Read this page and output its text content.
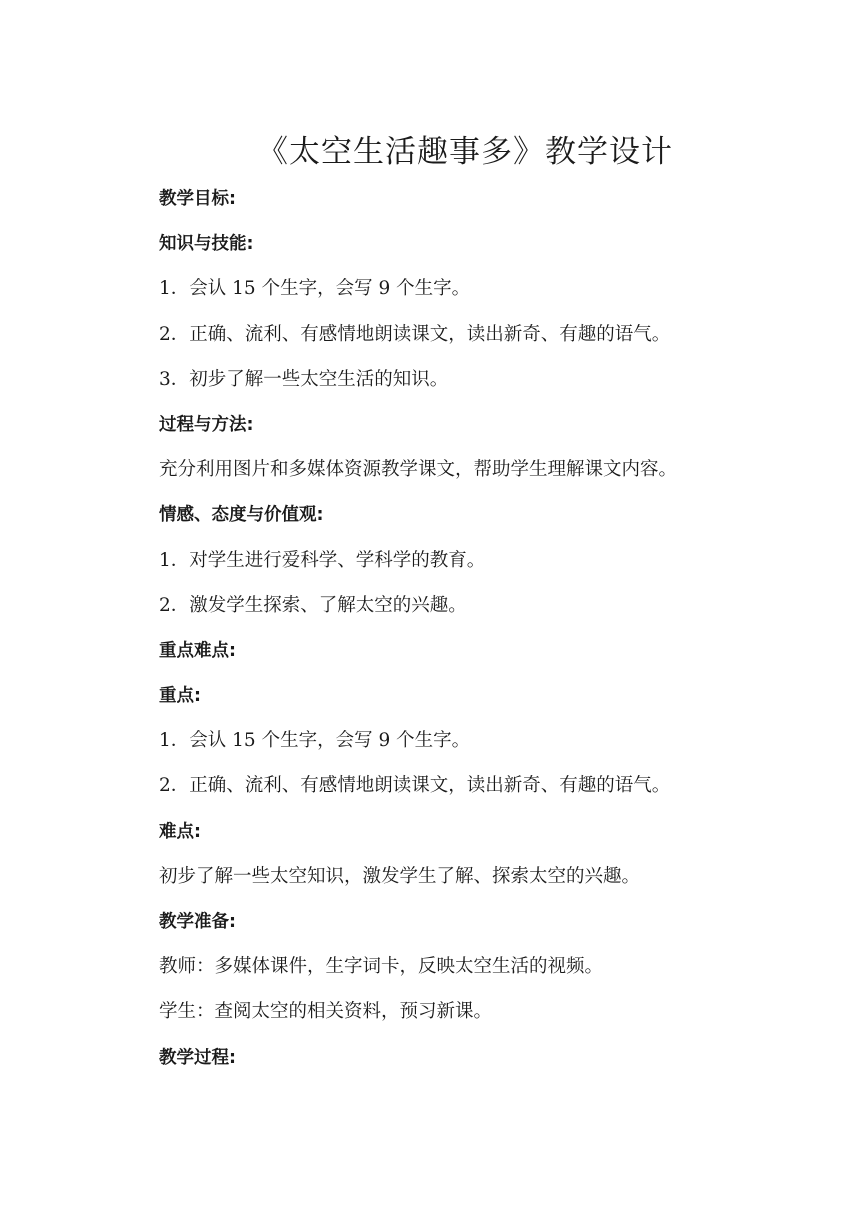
《太空生活趣事多》教学设计
教学目标:
知识与技能:
1．会认 15 个生字，会写 9 个生字。
2．正确、流利、有感情地朗读课文，读出新奇、有趣的语气。
3．初步了解一些太空生活的知识。
过程与方法:
充分利用图片和多媒体资源教学课文，帮助学生理解课文内容。
情感、态度与价值观:
1．对学生进行爱科学、学科学的教育。
2．激发学生探索、了解太空的兴趣。
重点难点:
重点:
1．会认 15 个生字，会写 9 个生字。
2．正确、流利、有感情地朗读课文，读出新奇、有趣的语气。
难点:
初步了解一些太空知识，激发学生了解、探索太空的兴趣。
教学准备:
教师：多媒体课件，生字词卡，反映太空生活的视频。
学生：查阅太空的相关资料，预习新课。
教学过程:
